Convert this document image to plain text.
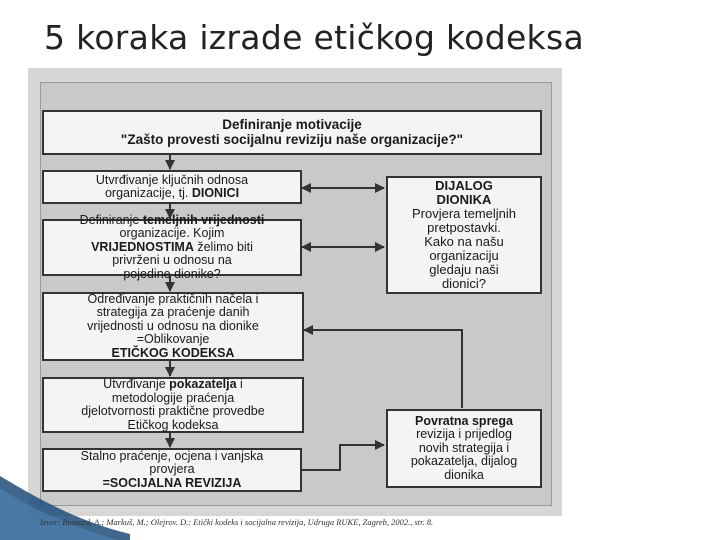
5 koraka izrade etičkog kodeksa
Definiranje motivacije
"Zašto provesti socijalnu reviziju naše organizacije?"
Utvrđivanje ključnih odnosa
organizacije, tj. DIONICI
Definiranje temeljnih vrijednosti
organizacije. Kojim
VRIJEDNOSTIMA želimo biti
privrženi u odnosu na
pojedine dionike?
Određivanje praktičnih načela i
strategija za praćenje danih
vrijednosti u odnosu na dionike
=Oblikovanje
ETIČKOG KODEKSA
Utvrđivanje pokazatelja i
metodologije praćenja
djelotvornosti praktične provedbe
Etičkog kodeksa
Stalno praćenje, ocjena i vanjska
provjera
=SOCIJALNA REVIZIJA
DIJALOG
DIONIKA
Provjera temeljnih
pretpostavki.
Kako na našu
organizaciju
gledaju naši
dionici?
Povratna sprega
revizija i prijedlog
novih strategija i
pokazatelja, dijalog
dionika
Izvor: Bussard, A.; Markuš, M.; Olejrov. D.: Etički kodeks i socijalna revizija, Udruga RUKE, Zagreb, 2002., str. 8.
